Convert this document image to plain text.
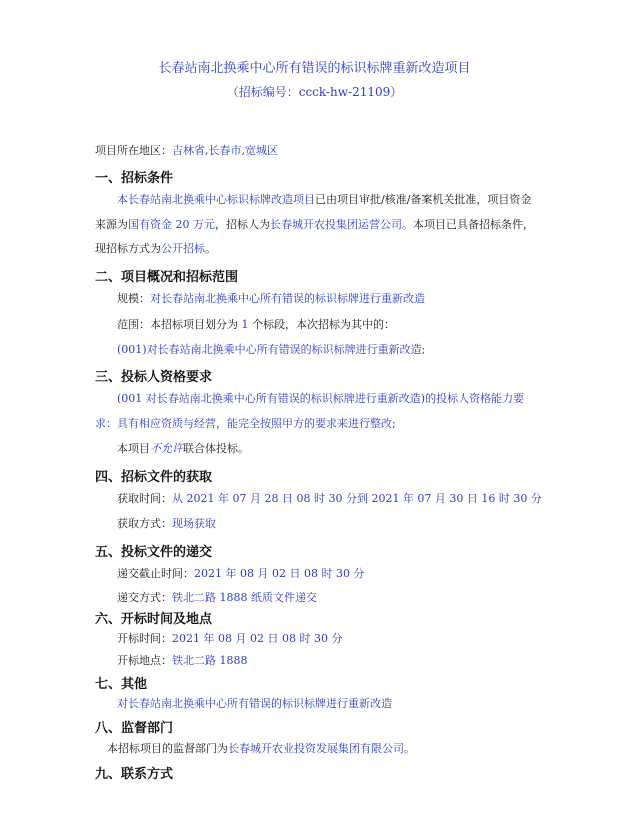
长春站南北换乘中心所有错误的标识标牌重新改造项目
（招标编号：ccck-hw-21109）
项目所在地区：吉林省,长春市,宽城区
一、招标条件
本长春站南北换乘中心标识标牌改造项目已由项目审批/核准/备案机关批准，项目资金
来源为国有资金 20 万元，招标人为长春城开农投集团运营公司。本项目已具备招标条件，
现招标方式为公开招标。
二、项目概况和招标范围
规模：对长春站南北换乘中心所有错误的标识标牌进行重新改造
范围：本招标项目划分为 1 个标段，本次招标为其中的：
(001)对长春站南北换乘中心所有错误的标识标牌进行重新改造;
三、投标人资格要求
(001 对长春站南北换乘中心所有错误的标识标牌进行重新改造)的投标人资格能力要
求：具有相应资质与经营，能完全按照甲方的要求来进行整改;
本项目不允许联合体投标。
四、招标文件的获取
获取时间：从 2021 年 07 月 28 日 08 时 30 分到 2021 年 07 月 30 日 16 时 30 分
获取方式：现场获取
五、投标文件的递交
递交截止时间：2021 年 08 月 02 日 08 时 30 分
递交方式：铁北二路 1888 纸质文件递交
六、开标时间及地点
开标时间：2021 年 08 月 02 日 08 时 30 分
开标地点：铁北二路 1888
七、其他
对长春站南北换乘中心所有错误的标识标牌进行重新改造
八、监督部门
本招标项目的监督部门为长春城开农业投资发展集团有限公司。
九、联系方式
